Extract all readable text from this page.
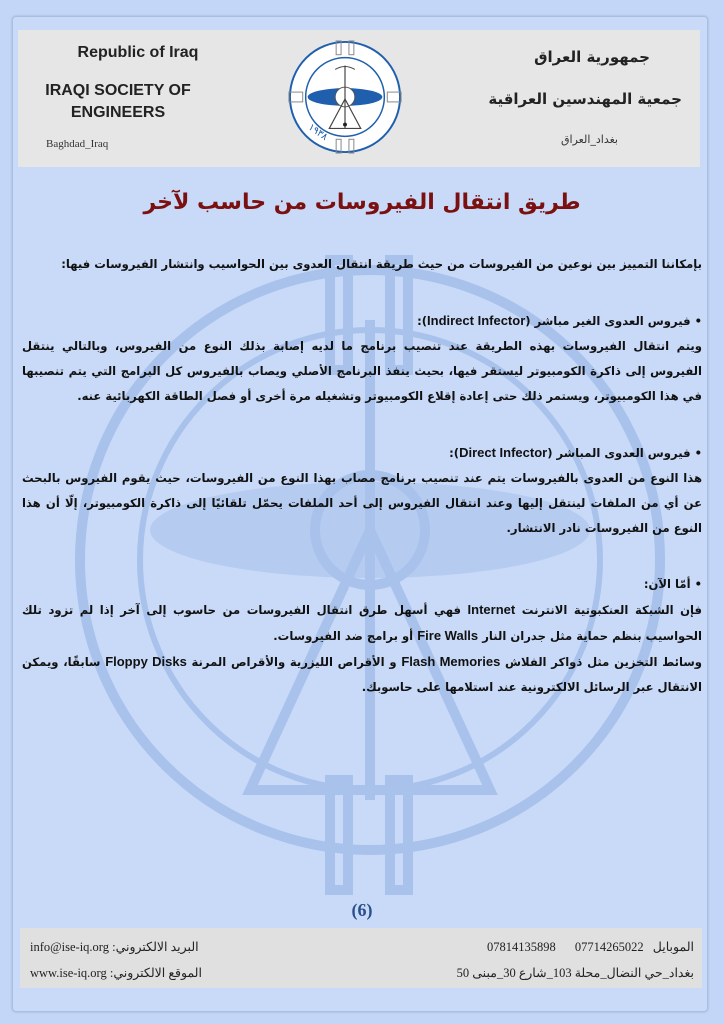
Republic of Iraq
IRAQI SOCIETY OF
ENGINEERS
Baghdad_Iraq
١٩٣٨
جمهورية العراق
جمعية المهندسين العراقية
بغداد_العراق
طريق انتقال الفيروسات من حاسب لآخر

بإمكاننا التمييز بين نوعين من الفيروسات من حيث طريقة انتقال العدوى بين الحواسيب وانتشار الفيروسات فيها:

• فيروس العدوى الغير مباشر (Indirect Infector):

ويتم انتقال الفيروسات بهذه الطريقة عند تنصيب برنامج ما لديه إصابة بذلك النوع من الفيروس، وبالتالي ينتقل الفيروس إلى ذاكرة الكومبيوتر ليستقر فيها، بحيث ينفذ البرنامج الأصلي ويصاب بالفيروس كل البرامج التي يتم تنصيبها في هذا الكومبيوتر، ويستمر ذلك حتى إعادة إقلاع الكومبيوتر وتشغيله مرة أخرى أو فصل الطاقة الكهربائية عنه.

• فيروس العدوى المباشر (Direct Infector):

هذا النوع من العدوى بالفيروسات يتم عند تنصيب برنامج مصاب بهذا النوع من الفيروسات، حيث يقوم الفيروس بالبحث عن أي من الملفات لينتقل إليها وعند انتقال الفيروس إلى أحد الملفات يحمّل تلقائيًا إلى ذاكرة الكومبيوتر، إلّا أن هذا النوع من الفيروسات نادر الانتشار.

• أمّا الآن:

فإن الشبكة العنكبوتية الانترنت Internet فهي أسهل طرق انتقال الفيروسات من حاسوب إلى آخر إذا لم تزود تلك الحواسيب بنظم حماية مثل جدران النار Fire Walls أو برامج ضد الفيروسات.

وسائط التخزين مثل ذواكر الفلاش Flash Memories و الأقراص الليزرية والأقراص المرنة Floppy Disks سابقًا، ويمكن الانتقال عبر الرسائل الالكترونية عند استلامها على حاسوبك.

(6)
الموبايل 07714265022 07814135898
بغداد_حي النضال_محلة 103_شارع 30_مبنى 50
البريد الالكتروني: info@ise-iq.org
الموقع الالكتروني: www.ise-iq.org
